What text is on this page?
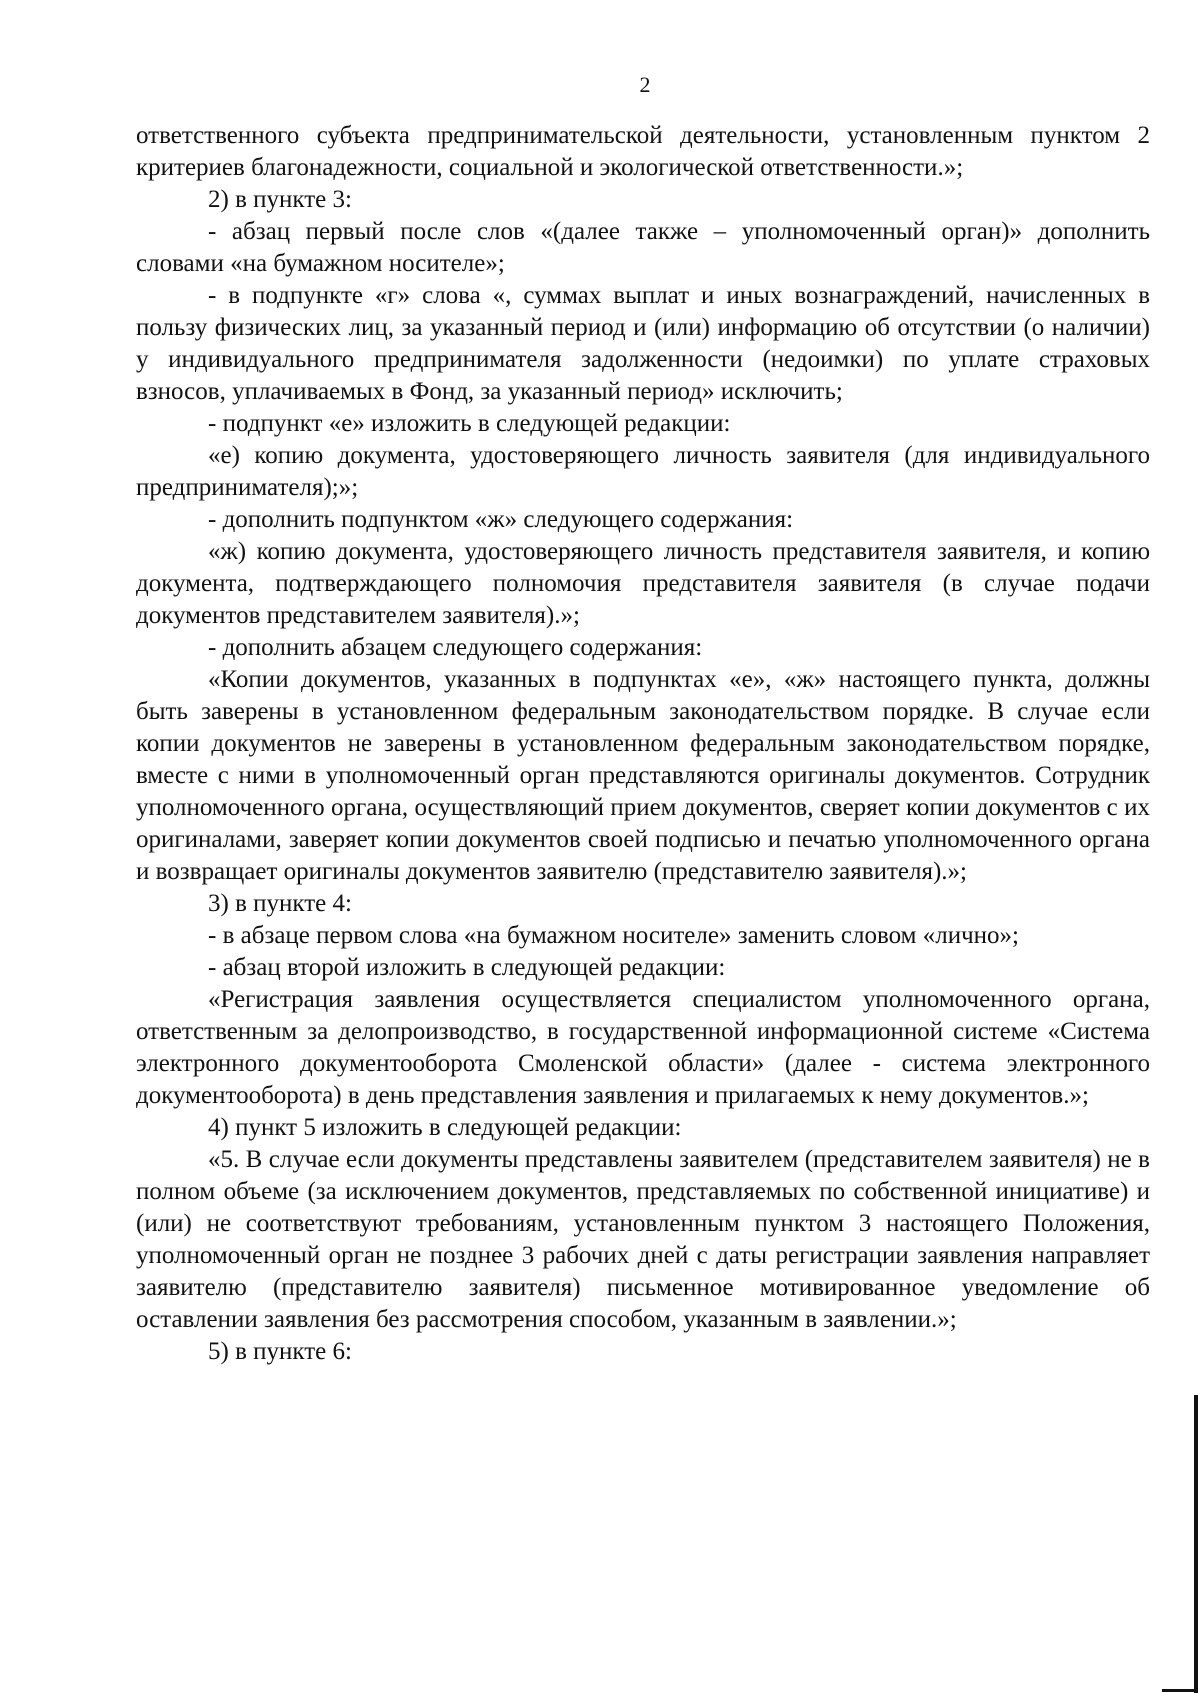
2

ответственного субъекта предпринимательской деятельности, установленным пунктом 2 критериев благонадежности, социальной и экологической ответственности.»;

2) в пункте 3:

- абзац первый после слов «(далее также – уполномоченный орган)» дополнить словами «на бумажном носителе»;

- в подпункте «г» слова «, суммах выплат и иных вознаграждений, начисленных в пользу физических лиц, за указанный период и (или) информацию об отсутствии (о наличии) у индивидуального предпринимателя задолженности (недоимки) по уплате страховых взносов, уплачиваемых в Фонд, за указанный период» исключить;

- подпункт «е» изложить в следующей редакции:

«е) копию документа, удостоверяющего личность заявителя (для индивидуального предпринимателя);»;

- дополнить подпунктом «ж» следующего содержания:

«ж) копию документа, удостоверяющего личность представителя заявителя, и копию документа, подтверждающего полномочия представителя заявителя (в случае подачи документов представителем заявителя).»;

- дополнить абзацем следующего содержания:

«Копии документов, указанных в подпунктах «е», «ж» настоящего пункта, должны быть заверены в установленном федеральным законодательством порядке. В случае если копии документов не заверены в установленном федеральным законодательством порядке, вместе с ними в уполномоченный орган представляются оригиналы документов. Сотрудник уполномоченного органа, осуществляющий прием документов, сверяет копии документов с их оригиналами, заверяет копии документов своей подписью и печатью уполномоченного органа и возвращает оригиналы документов заявителю (представителю заявителя).»;

3) в пункте 4:

- в абзаце первом слова «на бумажном носителе» заменить словом «лично»;

- абзац второй изложить в следующей редакции:

«Регистрация заявления осуществляется специалистом уполномоченного органа, ответственным за делопроизводство, в государственной информационной системе «Система электронного документооборота Смоленской области» (далее - система электронного документооборота) в день представления заявления и прилагаемых к нему документов.»;

4) пункт 5 изложить в следующей редакции:

«5. В случае если документы представлены заявителем (представителем заявителя) не в полном объеме (за исключением документов, представляемых по собственной инициативе) и (или) не соответствуют требованиям, установленным пунктом 3 настоящего Положения, уполномоченный орган не позднее 3 рабочих дней с даты регистрации заявления направляет заявителю (представителю заявителя) письменное мотивированное уведомление об оставлении заявления без рассмотрения способом, указанным в заявлении.»;

5) в пункте 6:
